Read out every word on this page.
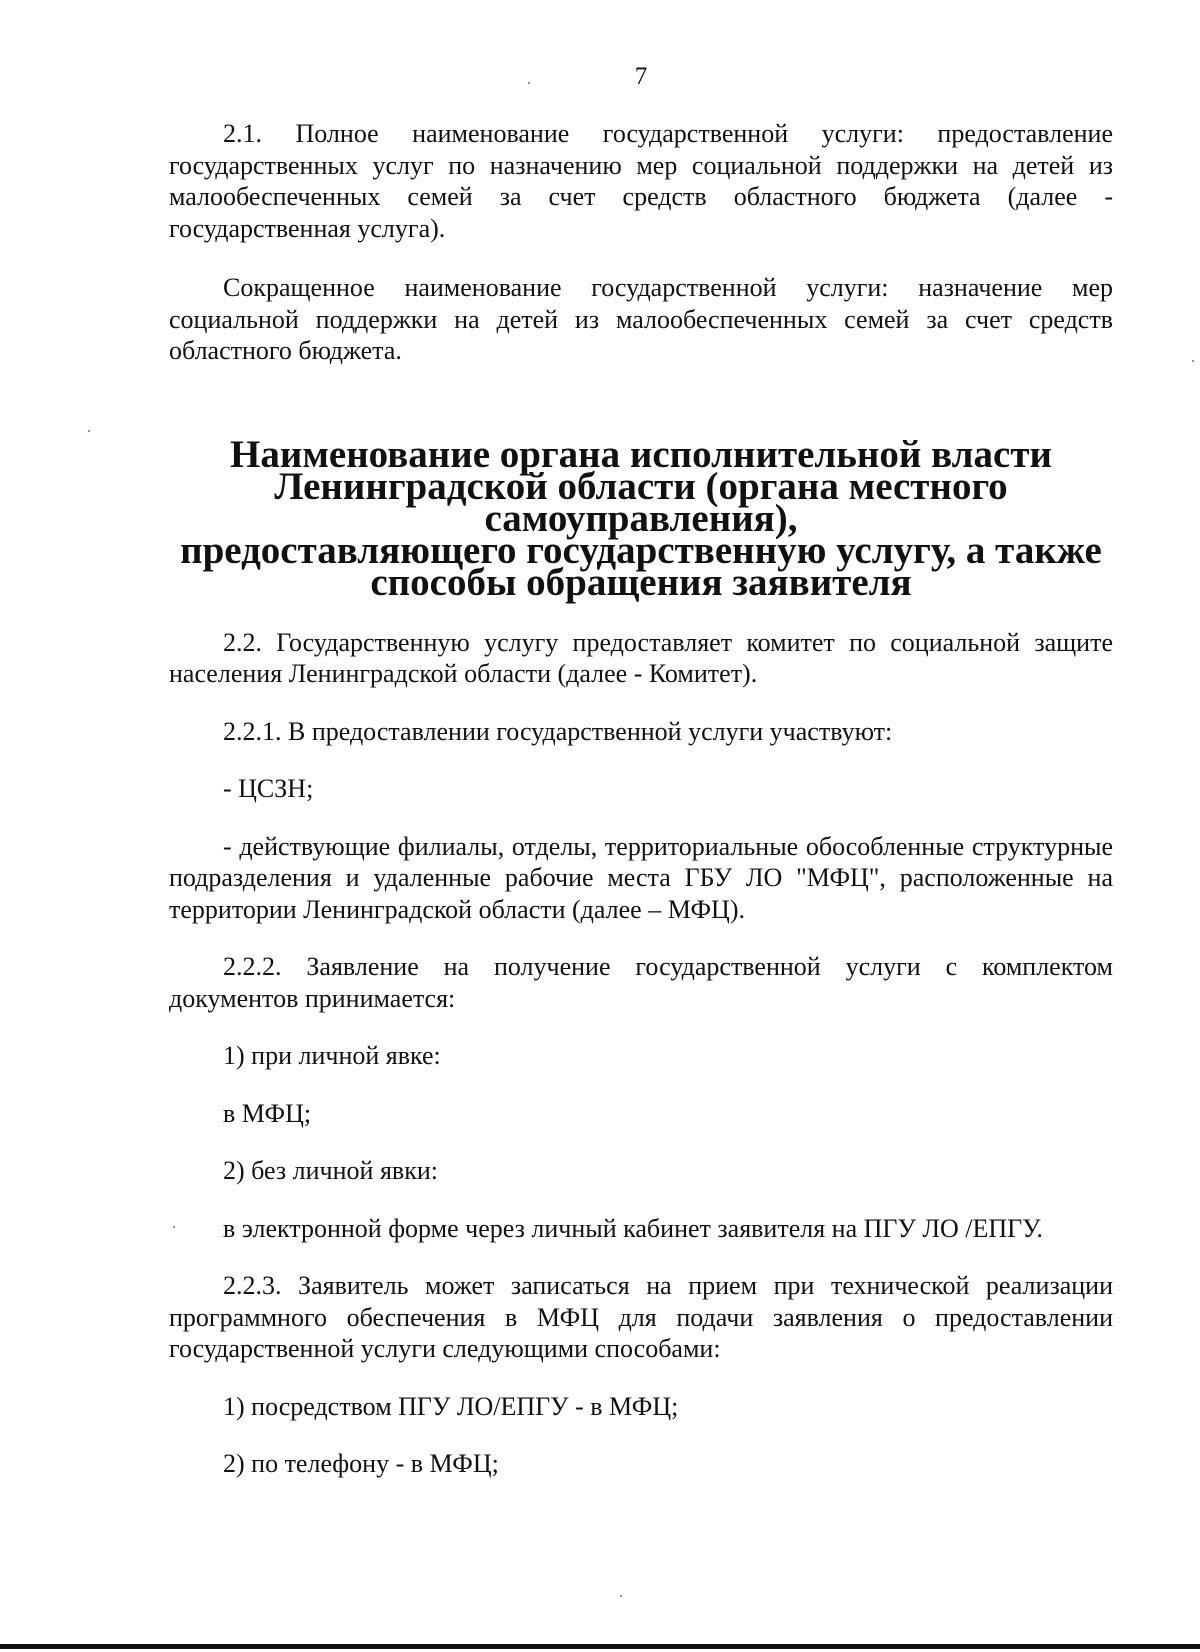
7

2.1. Полное наименование государственной услуги: предоставление государственных услуг по назначению мер социальной поддержки на детей из малообеспеченных семей за счет средств областного бюджета (далее - государственная услуга).

Сокращенное наименование государственной услуги: назначение мер социальной поддержки на детей из малообеспеченных семей за счет средств областного бюджета.

Наименование органа исполнительной власти
Ленинградской области (органа местного самоуправления),
предоставляющего государственную услугу, а также
способы обращения заявителя

2.2. Государственную услугу предоставляет комитет по социальной защите населения Ленинградской области (далее - Комитет).

2.2.1. В предоставлении государственной услуги участвуют:

- ЦСЗН;

- действующие филиалы, отделы, территориальные обособленные структурные подразделения и удаленные рабочие места ГБУ ЛО "МФЦ", расположенные на территории Ленинградской области (далее – МФЦ).

2.2.2. Заявление на получение государственной услуги с комплектом документов принимается:

1) при личной явке:

в МФЦ;

2) без личной явки:

в электронной форме через личный кабинет заявителя на ПГУ ЛО /ЕПГУ.

2.2.3. Заявитель может записаться на прием при технической реализации программного обеспечения в МФЦ для подачи заявления о предоставлении государственной услуги следующими способами:

1) посредством ПГУ ЛО/ЕПГУ - в МФЦ;

2) по телефону - в МФЦ;
